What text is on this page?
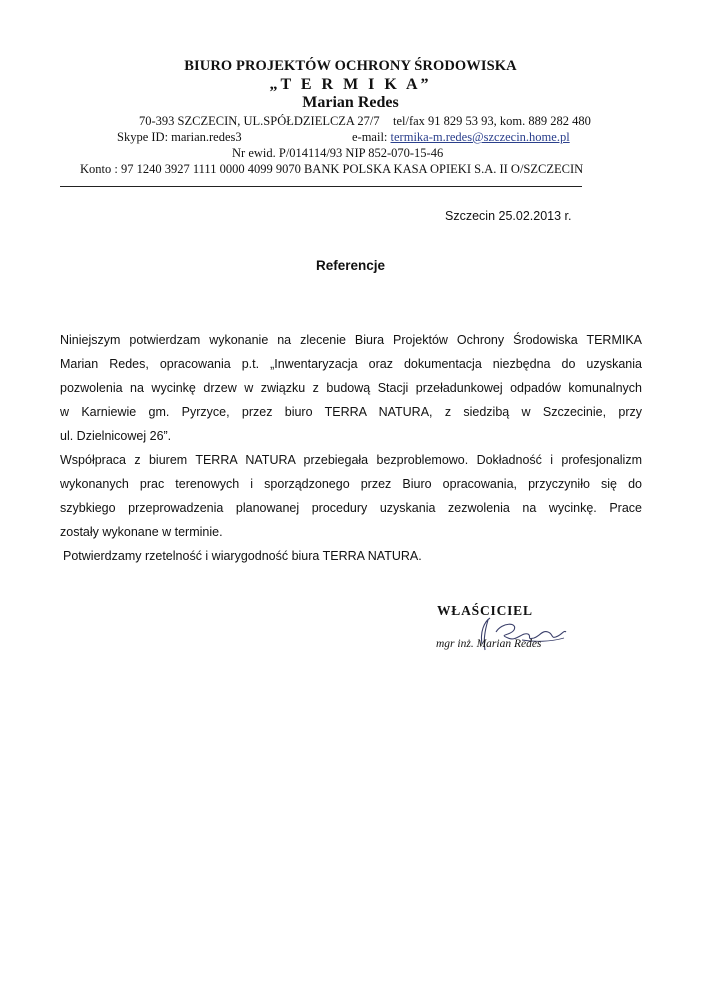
BIURO PROJEKTÓW OCHRONY ŚRODOWISKA
„T E R M I K A”
Marian Redes
70-393 SZCZECIN, UL.SPÓŁDZIELCZA 27/7 tel/fax 91 829 53 93, kom. 889 282 480
Skype ID: marian.redes3	e-mail: termika-m.redes@szczecin.home.pl
Nr ewid. P/014114/93 NIP 852-070-15-46
Konto : 97 1240 3927 1111 0000 4099 9070 BANK POLSKA KASA OPIEKI S.A. II O/SZCZECIN
Szczecin 25.02.2013 r.
Referencje
Niniejszym potwierdzam wykonanie na zlecenie Biura Projektów Ochrony Środowiska TERMIKA
Marian Redes, opracowania p.t. „Inwentaryzacja oraz dokumentacja niezbędna do uzyskania
pozwolenia na wycinkę drzew w związku z budową Stacji przeładunkowej odpadów komunalnych
w Karniewie gm. Pyrzyce, przez biuro TERRA NATURA, z siedzibą w Szczecinie, przy
ul. Dzielnicowej 26”.
Współpraca z biurem TERRA NATURA przebiegała bezproblemowo. Dokładność i profesjonalizm
wykonanych prac terenowych i sporządzonego przez Biuro opracowania, przyczyniło się do
szybkiego przeprowadzenia planowanej procedury uzyskania zezwolenia na wycinkę. Prace
zostały wykonane w terminie.
Potwierdzamy rzetelność i wiarygodność biura TERRA NATURA.
WŁAŚCICIEL
mgr inż. Marian Redes
